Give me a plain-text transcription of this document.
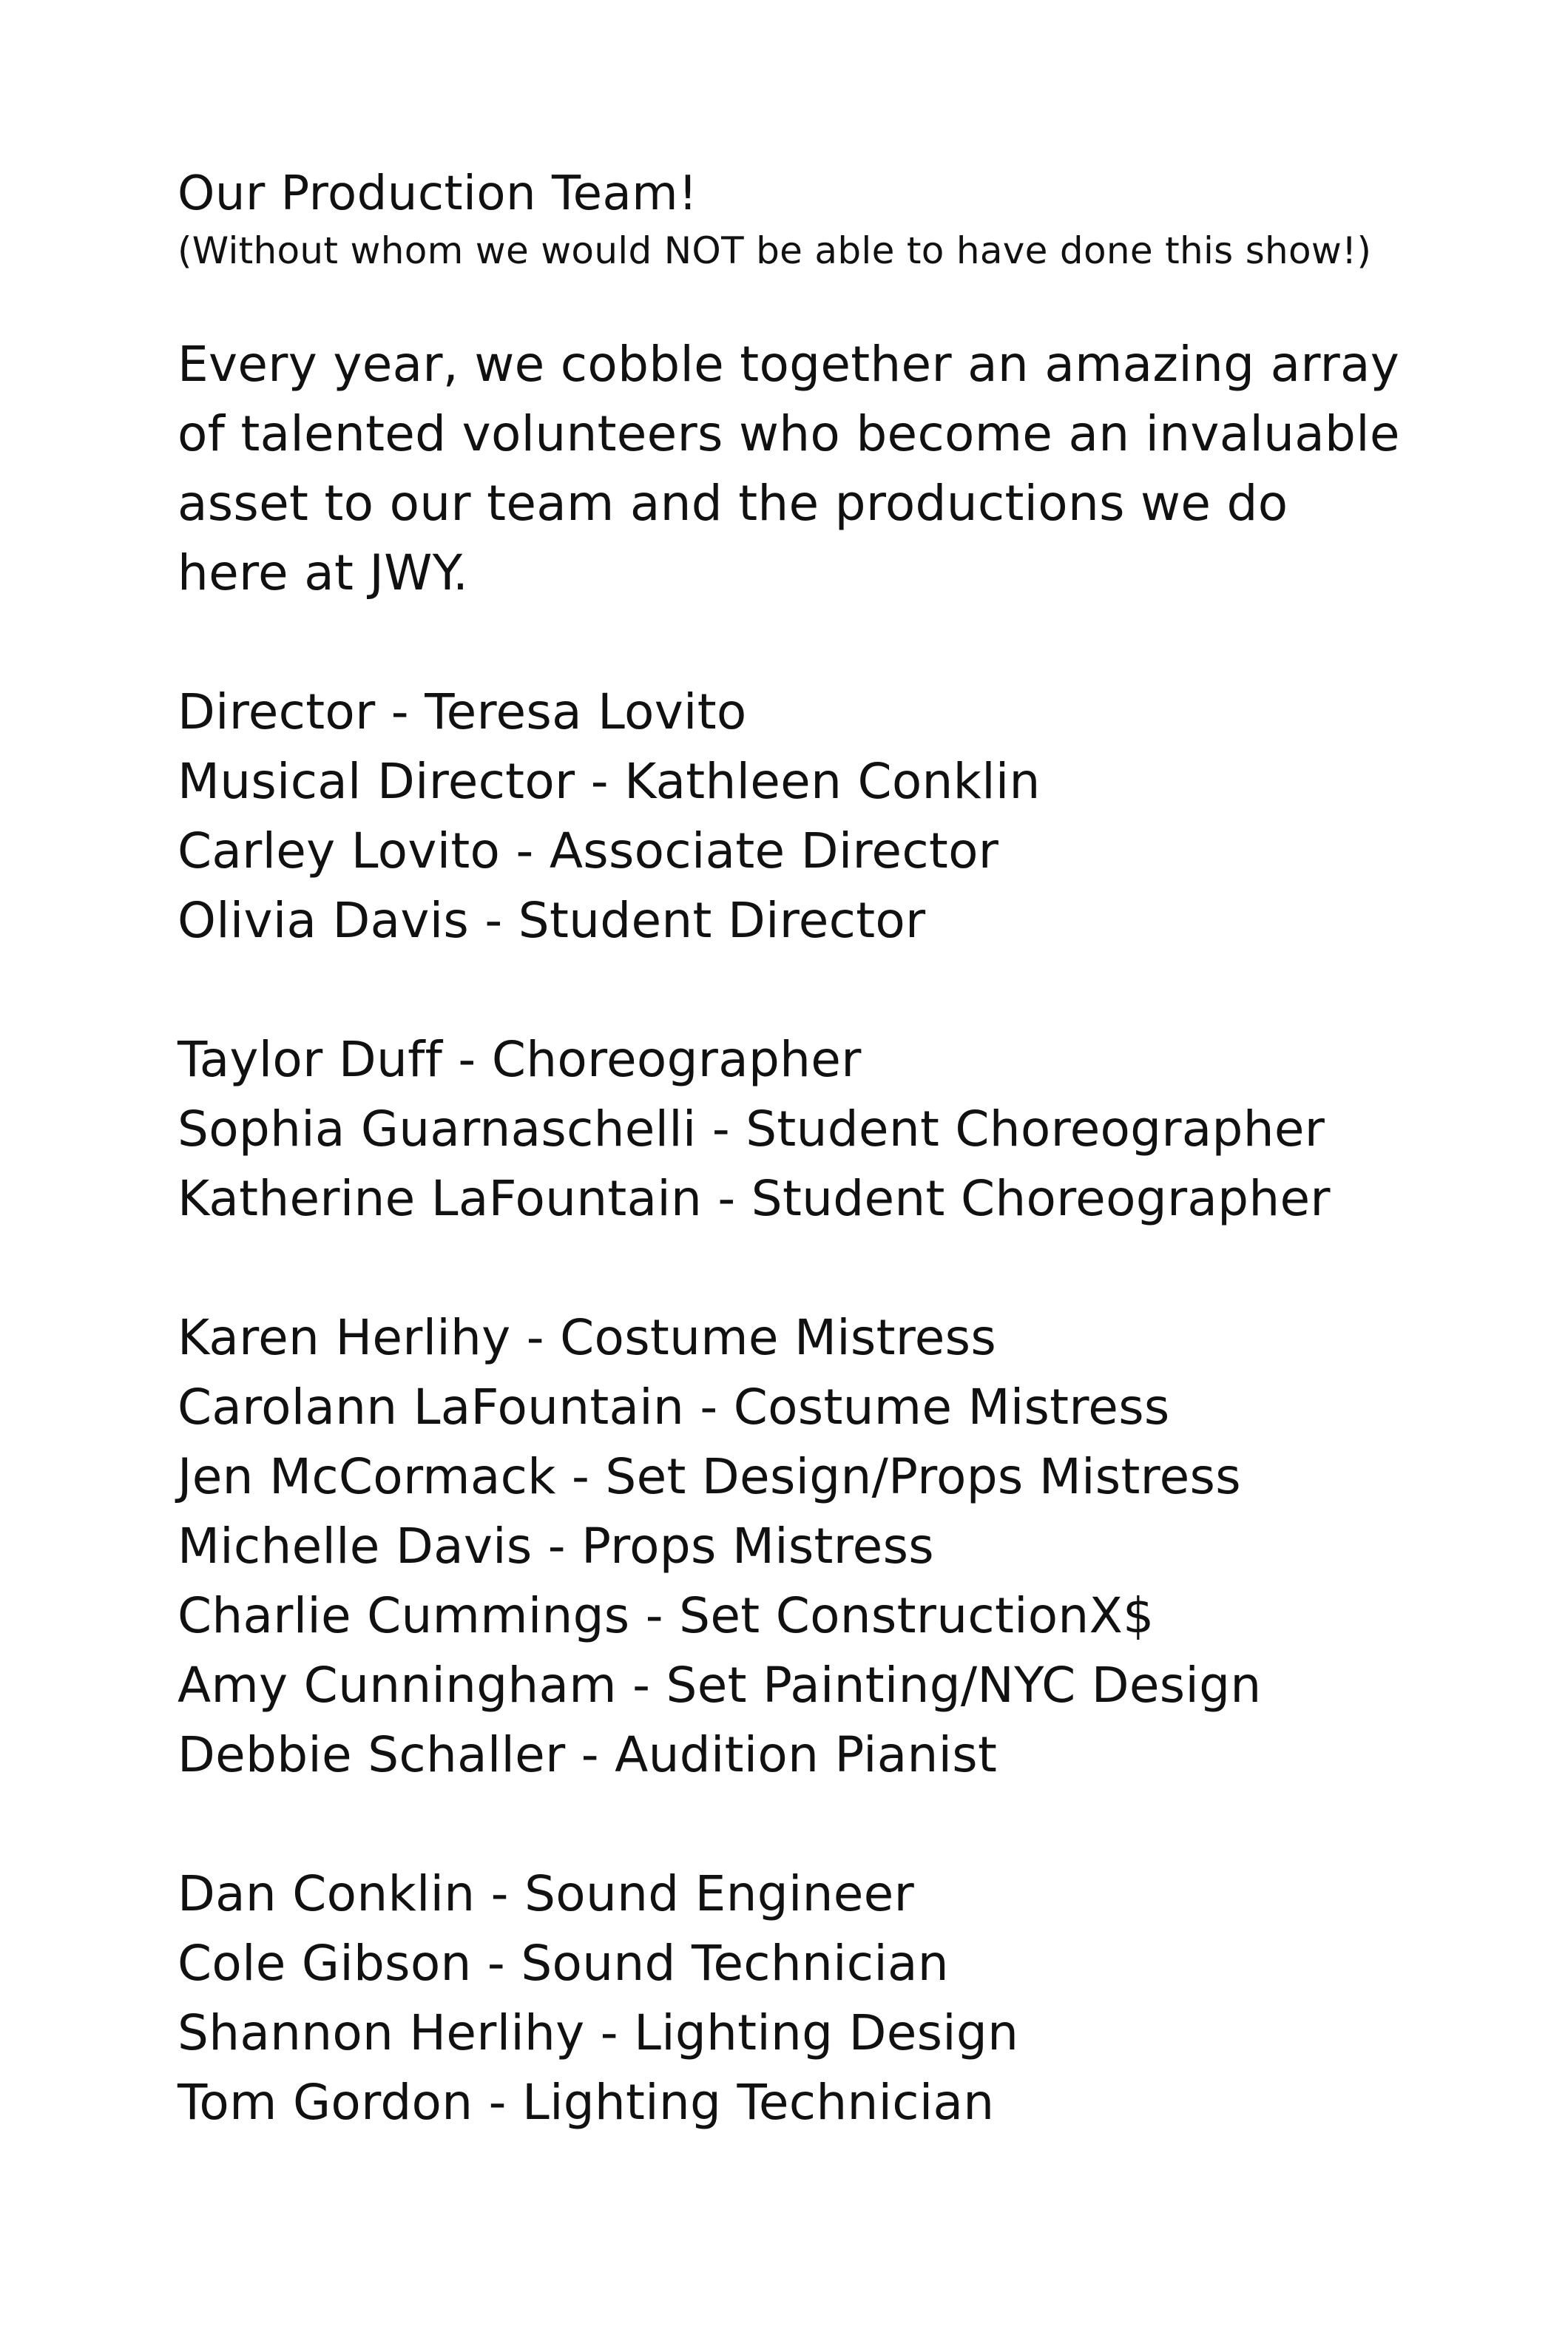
Our Production Team!

(Without whom we would NOT be able to have done this show!)

Every year, we cobble together an amazing array
of talented volunteers who become an invaluable
asset to our team and the productions we do
here at JWY.

Director - Teresa Lovito
Musical Director - Kathleen Conklin
Carley Lovito - Associate Director
Olivia Davis - Student Director
Taylor Duff - Choreographer
Sophia Guarnaschelli - Student Choreographer
Katherine LaFountain - Student Choreographer
Karen Herlihy - Costume Mistress
Carolann LaFountain - Costume Mistress
Jen McCormack - Set Design/Props Mistress
Michelle Davis - Props Mistress
Charlie Cummings - Set ConstructionX$
Amy Cunningham - Set Painting/NYC Design
Debbie Schaller - Audition Pianist
Dan Conklin - Sound Engineer
Cole Gibson - Sound Technician
Shannon Herlihy - Lighting Design
Tom Gordon - Lighting Technician
